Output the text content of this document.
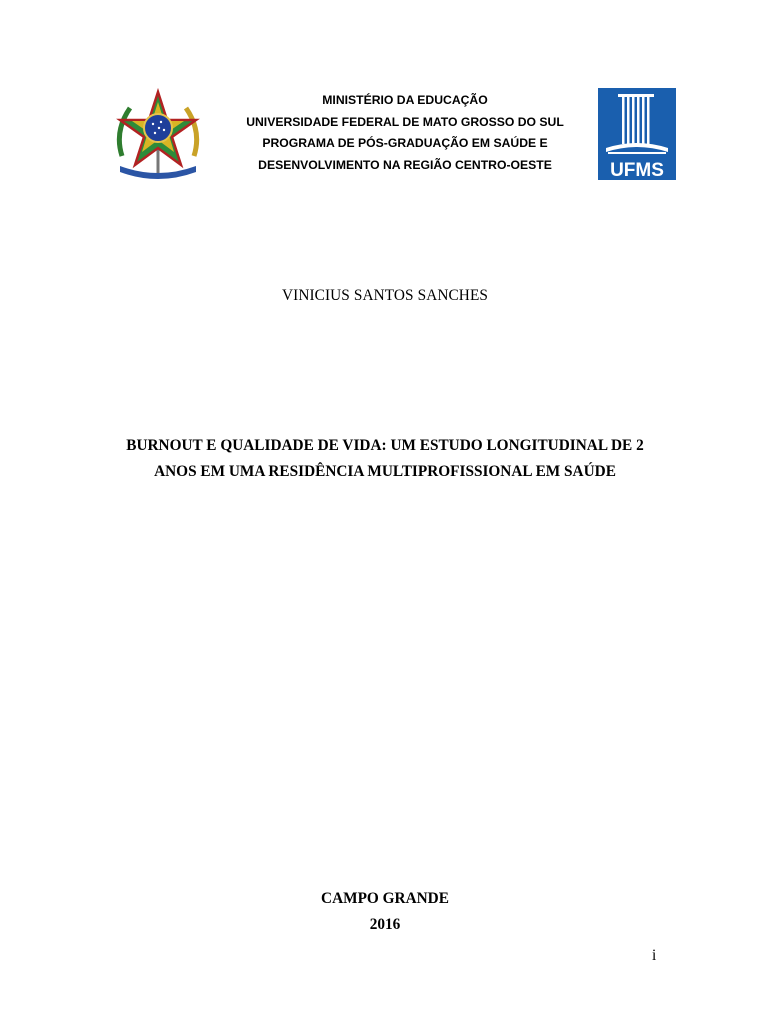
UFMS
MINISTÉRIO DA EDUCAÇÃO
UNIVERSIDADE FEDERAL DE MATO GROSSO DO SUL
PROGRAMA DE PÓS-GRADUAÇÃO EM SAÚDE E
DESENVOLVIMENTO NA REGIÃO CENTRO-OESTE
VINICIUS SANTOS SANCHES
BURNOUT E QUALIDADE DE VIDA: UM ESTUDO LONGITUDINAL DE 2
ANOS EM UMA RESIDÊNCIA MULTIPROFISSIONAL EM SAÚDE
CAMPO GRANDE
2016
i
